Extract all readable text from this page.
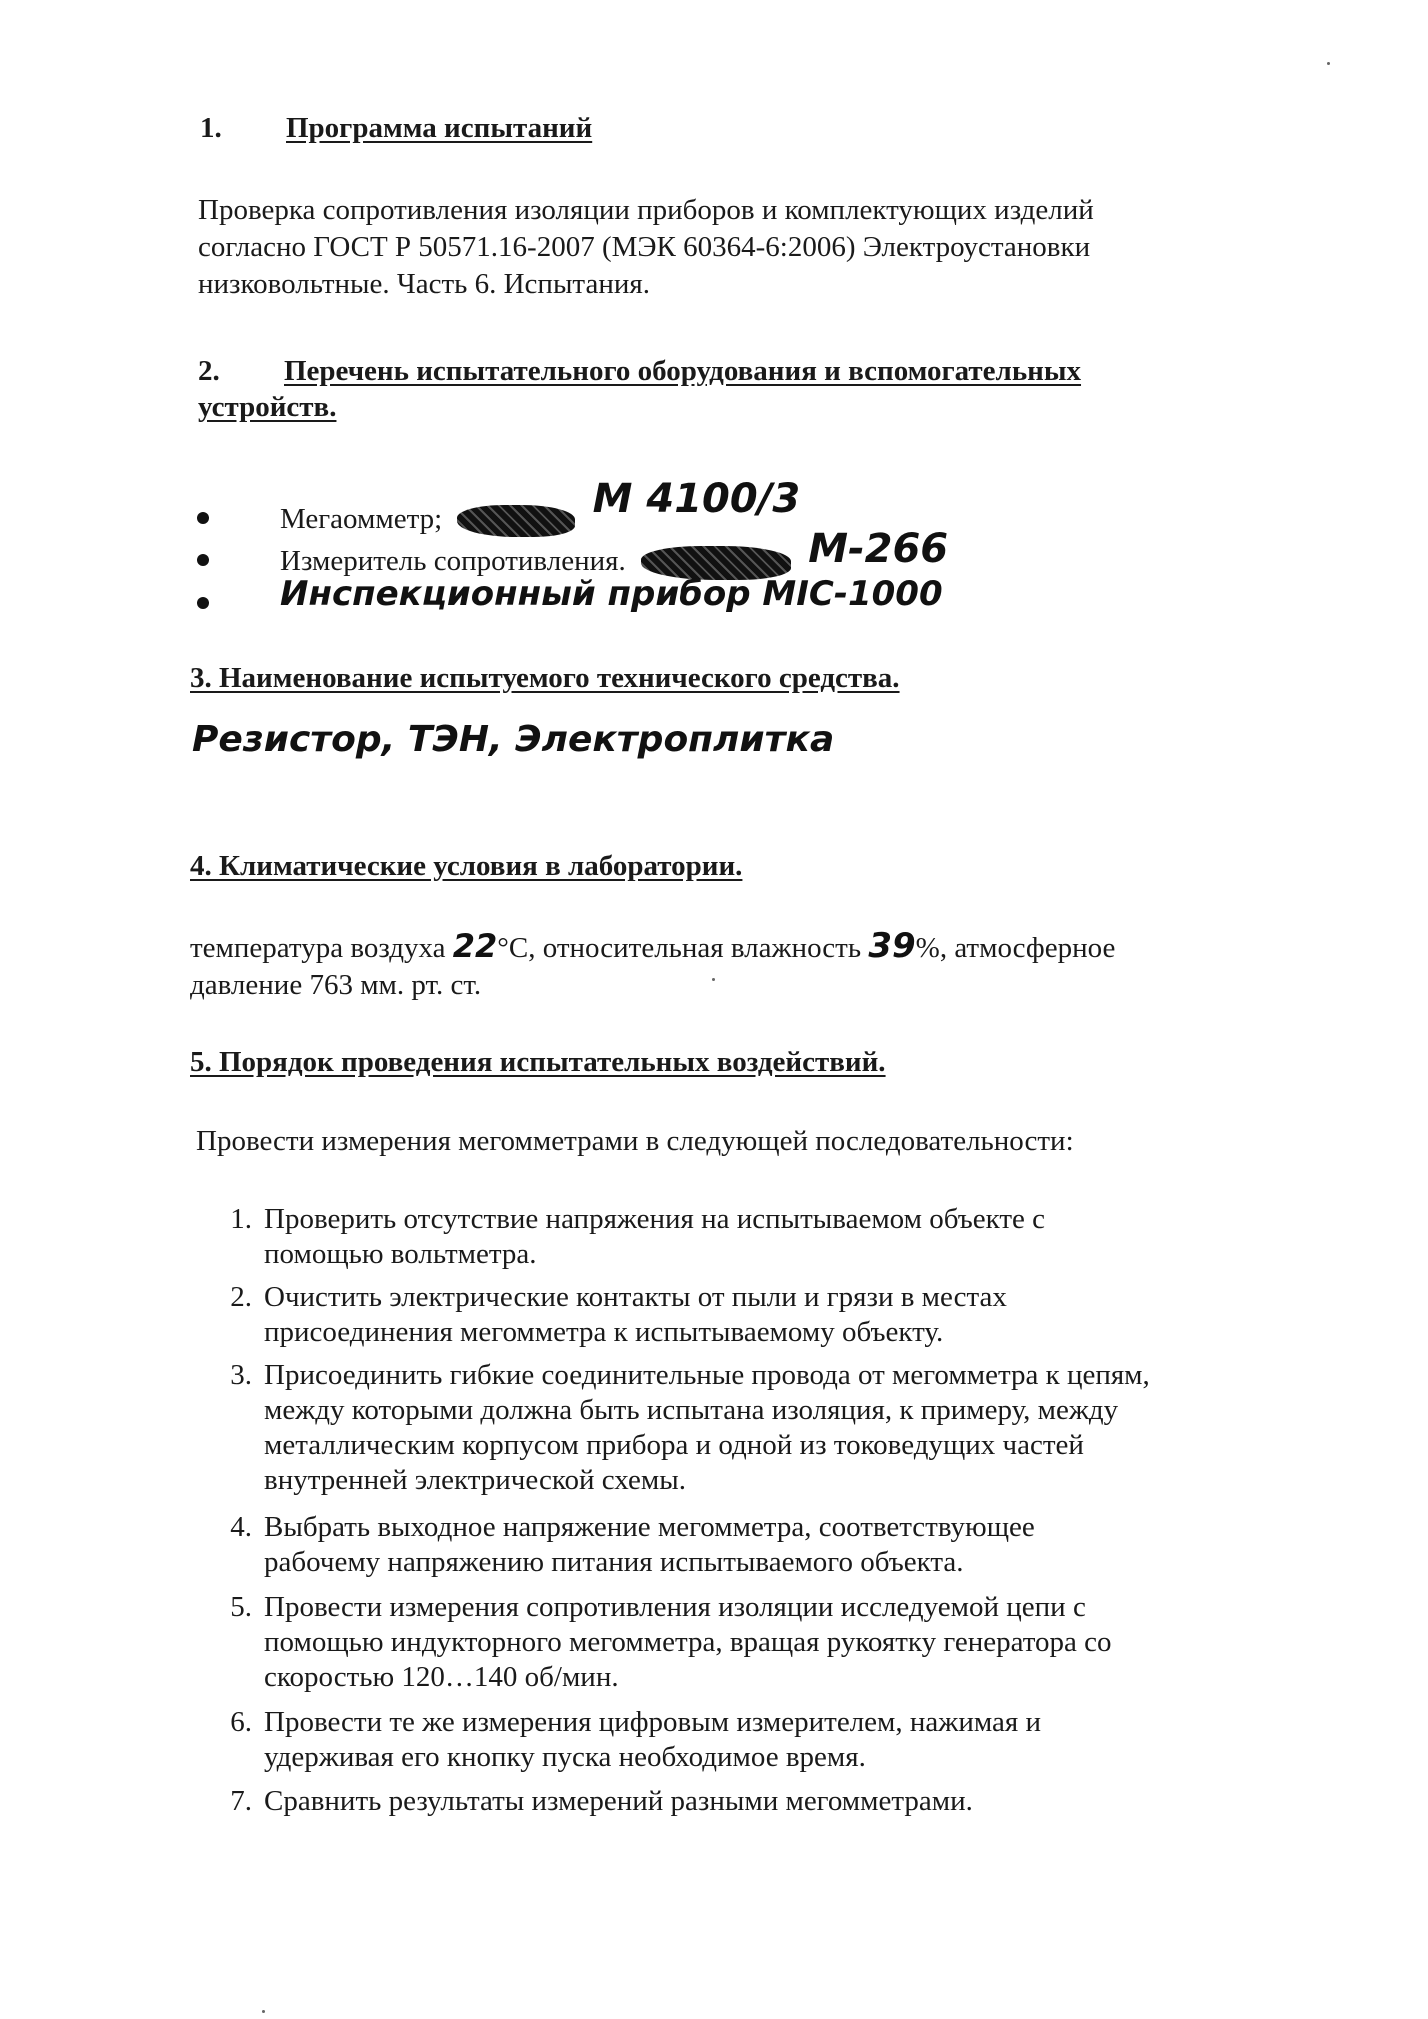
1. Программа испытаний
Проверка сопротивления изоляции приборов и комплектующих изделий
согласно ГОСТ Р 50571.16-2007 (МЭК 60364-6:2006) Электроустановки
низковольтные. Часть 6. Испытания.
2. Перечень испытательного оборудования и вспомогательных
устройств.
Мегаомметр;	M 4100/3
Измеритель сопротивления.	M-266
Инспекционный прибор MIC-1000
3. Наименование испытуемого технического средства.
Резистор, ТЭН, Электроплитка
4. Климатические условия в лаборатории.
температура воздуха 22°C, относительная влажность 39%, атмосферное
давление 763 мм. рт. ст.
5. Порядок проведения испытательных воздействий.
Провести измерения мегомметрами в следующей последовательности:
1. Проверить отсутствие напряжения на испытываемом объекте с
помощью вольтметра.
2. Очистить электрические контакты от пыли и грязи в местах
присоединения мегомметра к испытываемому объекту.
3. Присоединить гибкие соединительные провода от мегомметра к цепям,
между которыми должна быть испытана изоляция, к примеру, между
металлическим корпусом прибора и одной из токоведущих частей
внутренней электрической схемы.
4. Выбрать выходное напряжение мегомметра, соответствующее
рабочему напряжению питания испытываемого объекта.
5. Провести измерения сопротивления изоляции исследуемой цепи с
помощью индукторного мегомметра, вращая рукоятку генератора со
скоростью 120…140 об/мин.
6. Провести те же измерения цифровым измерителем, нажимая и
удерживая его кнопку пуска необходимое время.
7. Сравнить результаты измерений разными мегомметрами.
